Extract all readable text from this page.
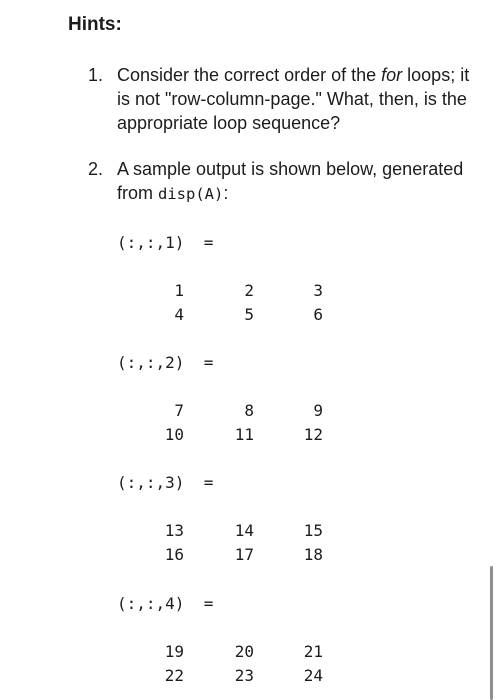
Hints:
1. Consider the correct order of the for loops; it is not "row-column-page." What, then, is the appropriate loop sequence?
2. A sample output is shown below, generated from disp(A):
(:,:,1)  =
1	2	3
4	5	6
(:,:,2)  =
7	8	9
10	11	12
(:,:,3)  =
13	14	15
16	17	18
(:,:,4)  =
19	20	21
22	23	24
